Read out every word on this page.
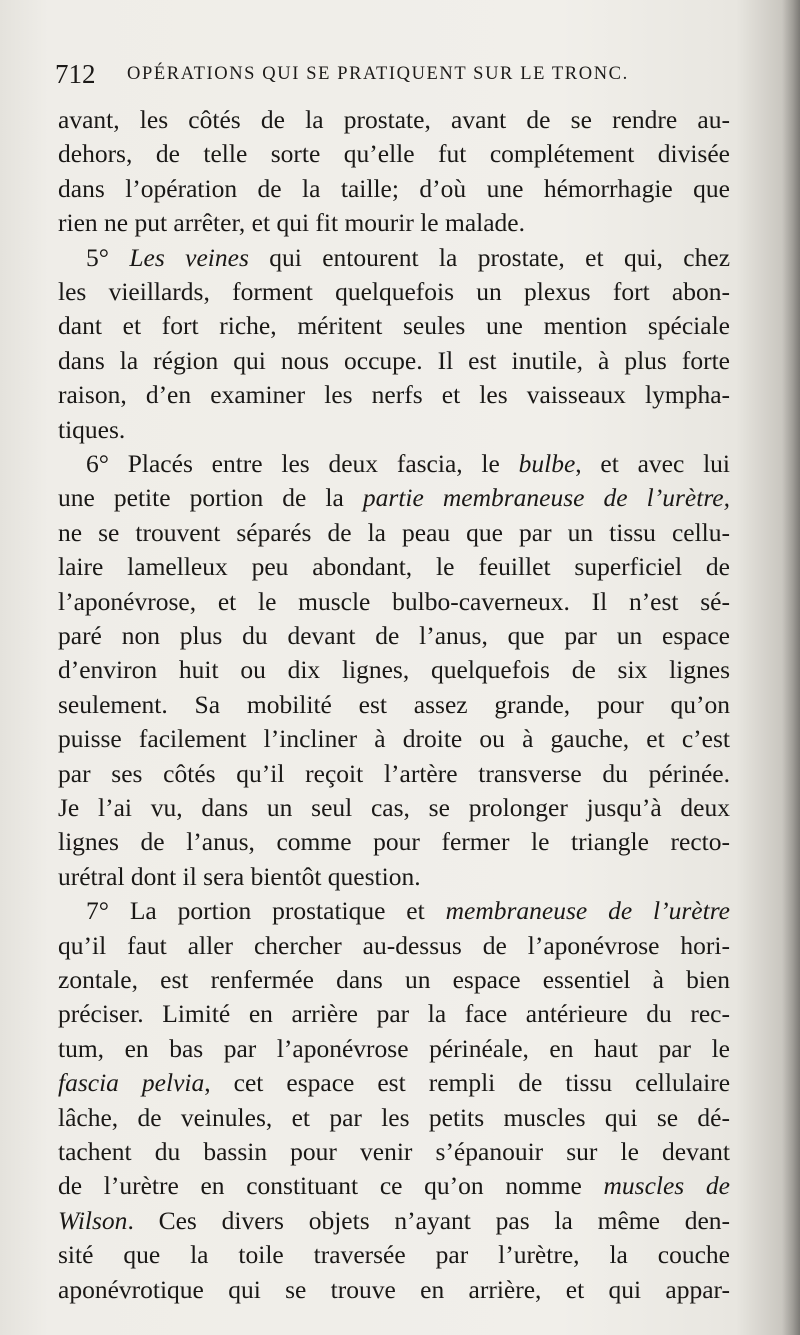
712 OPÉRATIONS QUI SE PRATIQUENT SUR LE TRONC.

avant, les côtés de la prostate, avant de se rendre au-

dehors, de telle sorte qu’elle fut complétement divisée

dans l’opération de la taille; d’où une hémorrhagie que

rien ne put arrêter, et qui fit mourir le malade.

5° Les veines qui entourent la prostate, et qui, chez

les vieillards, forment quelquefois un plexus fort abon-

dant et fort riche, méritent seules une mention spéciale

dans la région qui nous occupe. Il est inutile, à plus forte

raison, d’en examiner les nerfs et les vaisseaux lympha-

tiques.

6° Placés entre les deux fascia, le bulbe, et avec lui

une petite portion de la partie membraneuse de l’urètre,

ne se trouvent séparés de la peau que par un tissu cellu-

laire lamelleux peu abondant, le feuillet superficiel de

l’aponévrose, et le muscle bulbo-caverneux. Il n’est sé-

paré non plus du devant de l’anus, que par un espace

d’environ huit ou dix lignes, quelquefois de six lignes

seulement. Sa mobilité est assez grande, pour qu’on

puisse facilement l’incliner à droite ou à gauche, et c’est

par ses côtés qu’il reçoit l’artère transverse du périnée.

Je l’ai vu, dans un seul cas, se prolonger jusqu’à deux

lignes de l’anus, comme pour fermer le triangle recto-

urétral dont il sera bientôt question.

7° La portion prostatique et membraneuse de l’urètre

qu’il faut aller chercher au-dessus de l’aponévrose hori-

zontale, est renfermée dans un espace essentiel à bien

préciser. Limité en arrière par la face antérieure du rec-

tum, en bas par l’aponévrose périnéale, en haut par le

fascia pelvia, cet espace est rempli de tissu cellulaire

lâche, de veinules, et par les petits muscles qui se dé-

tachent du bassin pour venir s’épanouir sur le devant

de l’urètre en constituant ce qu’on nomme muscles de

Wilson. Ces divers objets n’ayant pas la même den-

sité que la toile traversée par l’urètre, la couche

aponévrotique qui se trouve en arrière, et qui appar-
